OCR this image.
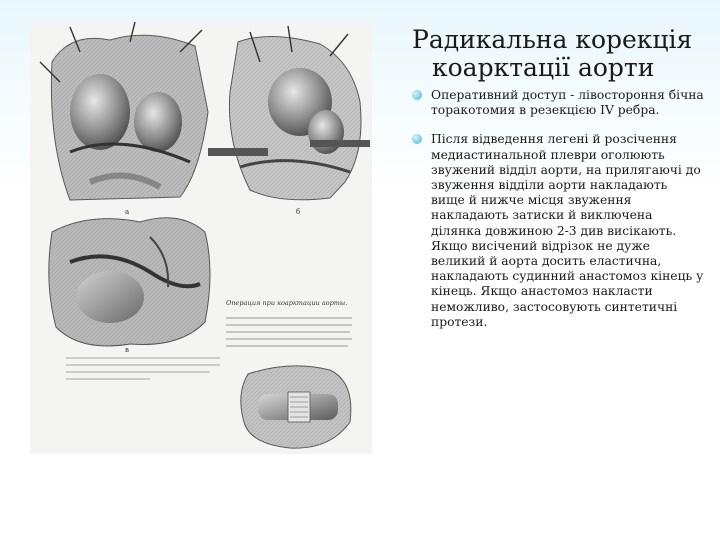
Операция при коарктации аорты.
а	б
в
Радикальна корекція
коарктації аорти
Оперативний доступ - лівостороння бічна торакотомия в резекцією IV ребра.
Після відведення легені й розсічення медиастинальной плеври оголюють звужений відділ аорти, на прилягаючі до звуження відділи аорти накладають вище й нижче місця звуження накладають затиски й виключена ділянка довжиною 2-3 див висікають. Якщо висічений відрізок не дуже великий й аорта досить еластична, накладають судинний анастомоз кінець у кінець. Якщо анастомоз накласти неможливо, застосовують синтетичні протези.
